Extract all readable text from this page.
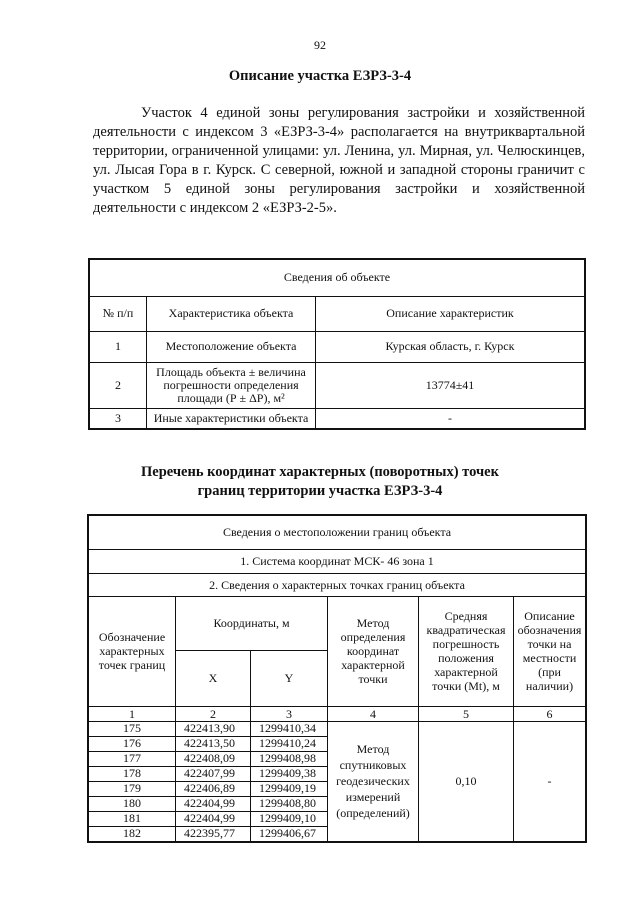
92
Описание участка ЕЗРЗ-3-4
Участок 4 единой зоны регулирования застройки и хозяйственной деятельности с индексом 3 «ЕЗРЗ-3-4» располагается на внутриквартальной территории, ограниченной улицами: ул. Ленина, ул. Мирная, ул. Челюскинцев, ул. Лысая Гора в г. Курск. С северной, южной и западной стороны граничит с участком 5 единой зоны регулирования застройки и хозяйственной деятельности с индексом 2 «ЕЗРЗ-2-5».
Сведения об объекте		
№ п/п	Характеристика объекта	Описание характеристик
1	Местоположение объекта	Курская область, г. Курск
2	Площадь объекта ± величина погрешности определения площади (Р ± ΔР), м²	13774±41
3	Иные характеристики объекта	-
Перечень координат характерных (поворотных) точек
границ территории участка ЕЗРЗ-3-4
Сведения о местоположении границ объекта					
1. Система координат МСК- 46 зона 1					
2. Сведения о характерных точках границ объекта					
Обозначение характерных точек границ	Координаты, м		Метод определения координат характерной точки	Средняя квадратическая погрешность положения характерной точки (Mt), м	Описание обозначения точки на местности (при наличии)
	X	Y			
1	2	3	4	5	6
175	422413,90	1299410,34	Метод спутниковых геодезических измерений (определений)	0,10	-
176	422413,50	1299410,24			
177	422408,09	1299408,98			
178	422407,99	1299409,38			
179	422406,89	1299409,19			
180	422404,99	1299408,80			
181	422404,99	1299409,10			
182	422395,77	1299406,67			
